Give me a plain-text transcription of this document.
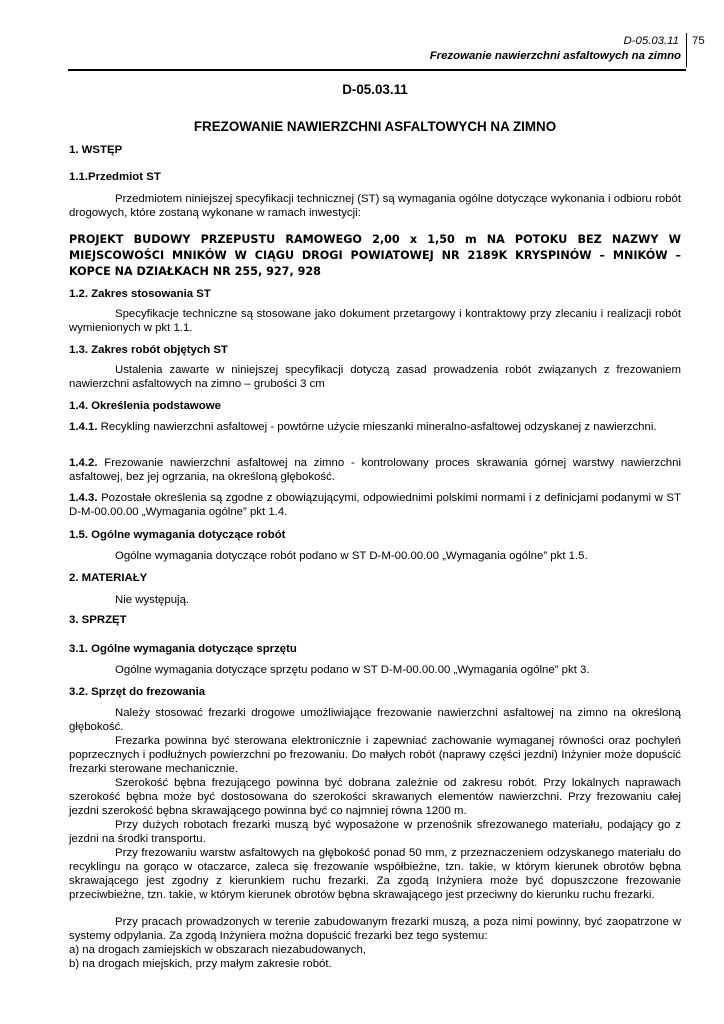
D-05.03.11
Frezowanie nawierzchni asfaltowych na zimno
75
D-05.03.11
FREZOWANIE NAWIERZCHNI ASFALTOWYCH NA ZIMNO
1. WSTĘP
1.1.Przedmiot ST

Przedmiotem niniejszej specyfikacji technicznej (ST) są wymagania ogólne dotyczące wykonania i odbioru robót drogowych, które zostaną wykonane w ramach inwestycji:

PROJEKT BUDOWY PRZEPUSTU RAMOWEGO 2,00 x 1,50 m NA POTOKU BEZ NAZWY W MIEJSCOWOŚCI MNIKÓW W CIĄGU DROGI POWIATOWEJ NR 2189K KRYSPINÓW – MNIKÓW – KOPCE NA DZIAŁKACH NR 255, 927, 928

1.2. Zakres stosowania ST

Specyfikacje techniczne są stosowane jako dokument przetargowy i kontraktowy przy zlecaniu i realizacji robót wymienionych w pkt 1.1.

1.3. Zakres robót objętych ST

Ustalenia zawarte w niniejszej specyfikacji dotyczą zasad prowadzenia robót związanych z frezowaniem nawierzchni asfaltowych na zimno – grubości 3 cm

1.4. Określenia podstawowe

1.4.1. Recykling nawierzchni asfaltowej - powtórne użycie mieszanki mineralno-asfaltowej odzyskanej z nawierzchni.

1.4.2. Frezowanie nawierzchni asfaltowej na zimno - kontrolowany proces skrawania górnej warstwy nawierzchni asfaltowej, bez jej ogrzania, na określoną głębokość.

1.4.3. Pozostałe określenia są zgodne z obowiązującymi, odpowiednimi polskimi normami i z definicjami podanymi w ST D-M-00.00.00 „Wymagania ogólne” pkt 1.4.

1.5. Ogólne wymagania dotyczące robót

Ogólne wymagania dotyczące robót podano w ST D-M-00.00.00 „Wymagania ogólne” pkt 1.5.

2. MATERIAŁY

Nie występują.

3. SPRZĘT
3.1. Ogólne wymagania dotyczące sprzętu

Ogólne wymagania dotyczące sprzętu podano w ST D-M-00.00.00 „Wymagania ogólne” pkt 3.

3.2. Sprzęt do frezowania

Należy stosować frezarki drogowe umożliwiające frezowanie nawierzchni asfaltowej na zimno na określoną głębokość.

Frezarka powinna być sterowana elektronicznie i zapewniać zachowanie wymaganej równości oraz pochyleń poprzecznych i podłużnych powierzchni po frezowaniu. Do małych robót (naprawy części jezdni) Inżynier może dopuścić frezarki sterowane mechanicznie.

Szerokość bębna frezującego powinna być dobrana zależnie od zakresu robót. Przy lokalnych naprawach szerokość bębna może być dostosowana do szerokości skrawanych elementów nawierzchni. Przy frezowaniu całej jezdni szerokość bębna skrawającego powinna być co najmniej równa 1200 m.

Przy dużych robotach frezarki muszą być wyposażone w przenośnik sfrezowanego materiału, podający go z jezdni na środki transportu.

Przy frezowaniu warstw asfaltowych na głębokość ponad 50 mm, z przeznaczeniem odzyskanego materiału do recyklingu na gorąco w otaczarce, zaleca się frezowanie współbieżne, tzn. takie, w którym kierunek obrotów bębna skrawającego jest zgodny z kierunkiem ruchu frezarki. Za zgodą Inżyniera może być dopuszczone frezowanie przeciwbieżne, tzn. takie, w którym kierunek obrotów bębna skrawającego jest przeciwny do kierunku ruchu frezarki.

Przy pracach prowadzonych w terenie zabudowanym frezarki muszą, a poza nimi powinny, być zaopatrzone w systemy odpylania. Za zgodą Inżyniera można dopuścić frezarki bez tego systemu:

a) na drogach zamiejskich w obszarach niezabudowanych,
b) na drogach miejskich, przy małym zakresie robót.
